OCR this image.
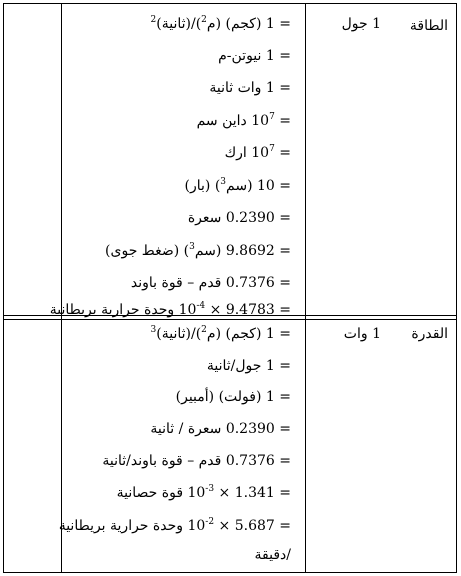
الطاقة
1 جول
القدرة
1 وات
= 1 (كجم) (م$^2$)/(ثانية)$^2$
= 1 نيوتن-م
= 1 وات ثانية
= $10^7$ داين سم
= $10^7$ ارك
= 10 (سم$^3$) (بار)
= 0.2390 سعرة
= 9.8692 (سم$^3$) (ضغط جوى)
= 0.7376 قدم – قوة باوند
= $9.4783 \times 10^{-4}$ وحدة حرارية بريطانية
= 1 (كجم) (م$^2$)/(ثانية)$^3$
= 1 جول/ثانية
= 1 (فولت) (أمبير)
= 0.2390 سعرة / ثانية
= 0.7376 قدم – قوة باوند/ثانية
= $1.341 \times 10^{-3}$ قوة حصانية
= $5.687 \times 10^{-2}$ وحدة حرارية بريطانية
/دقيقة
